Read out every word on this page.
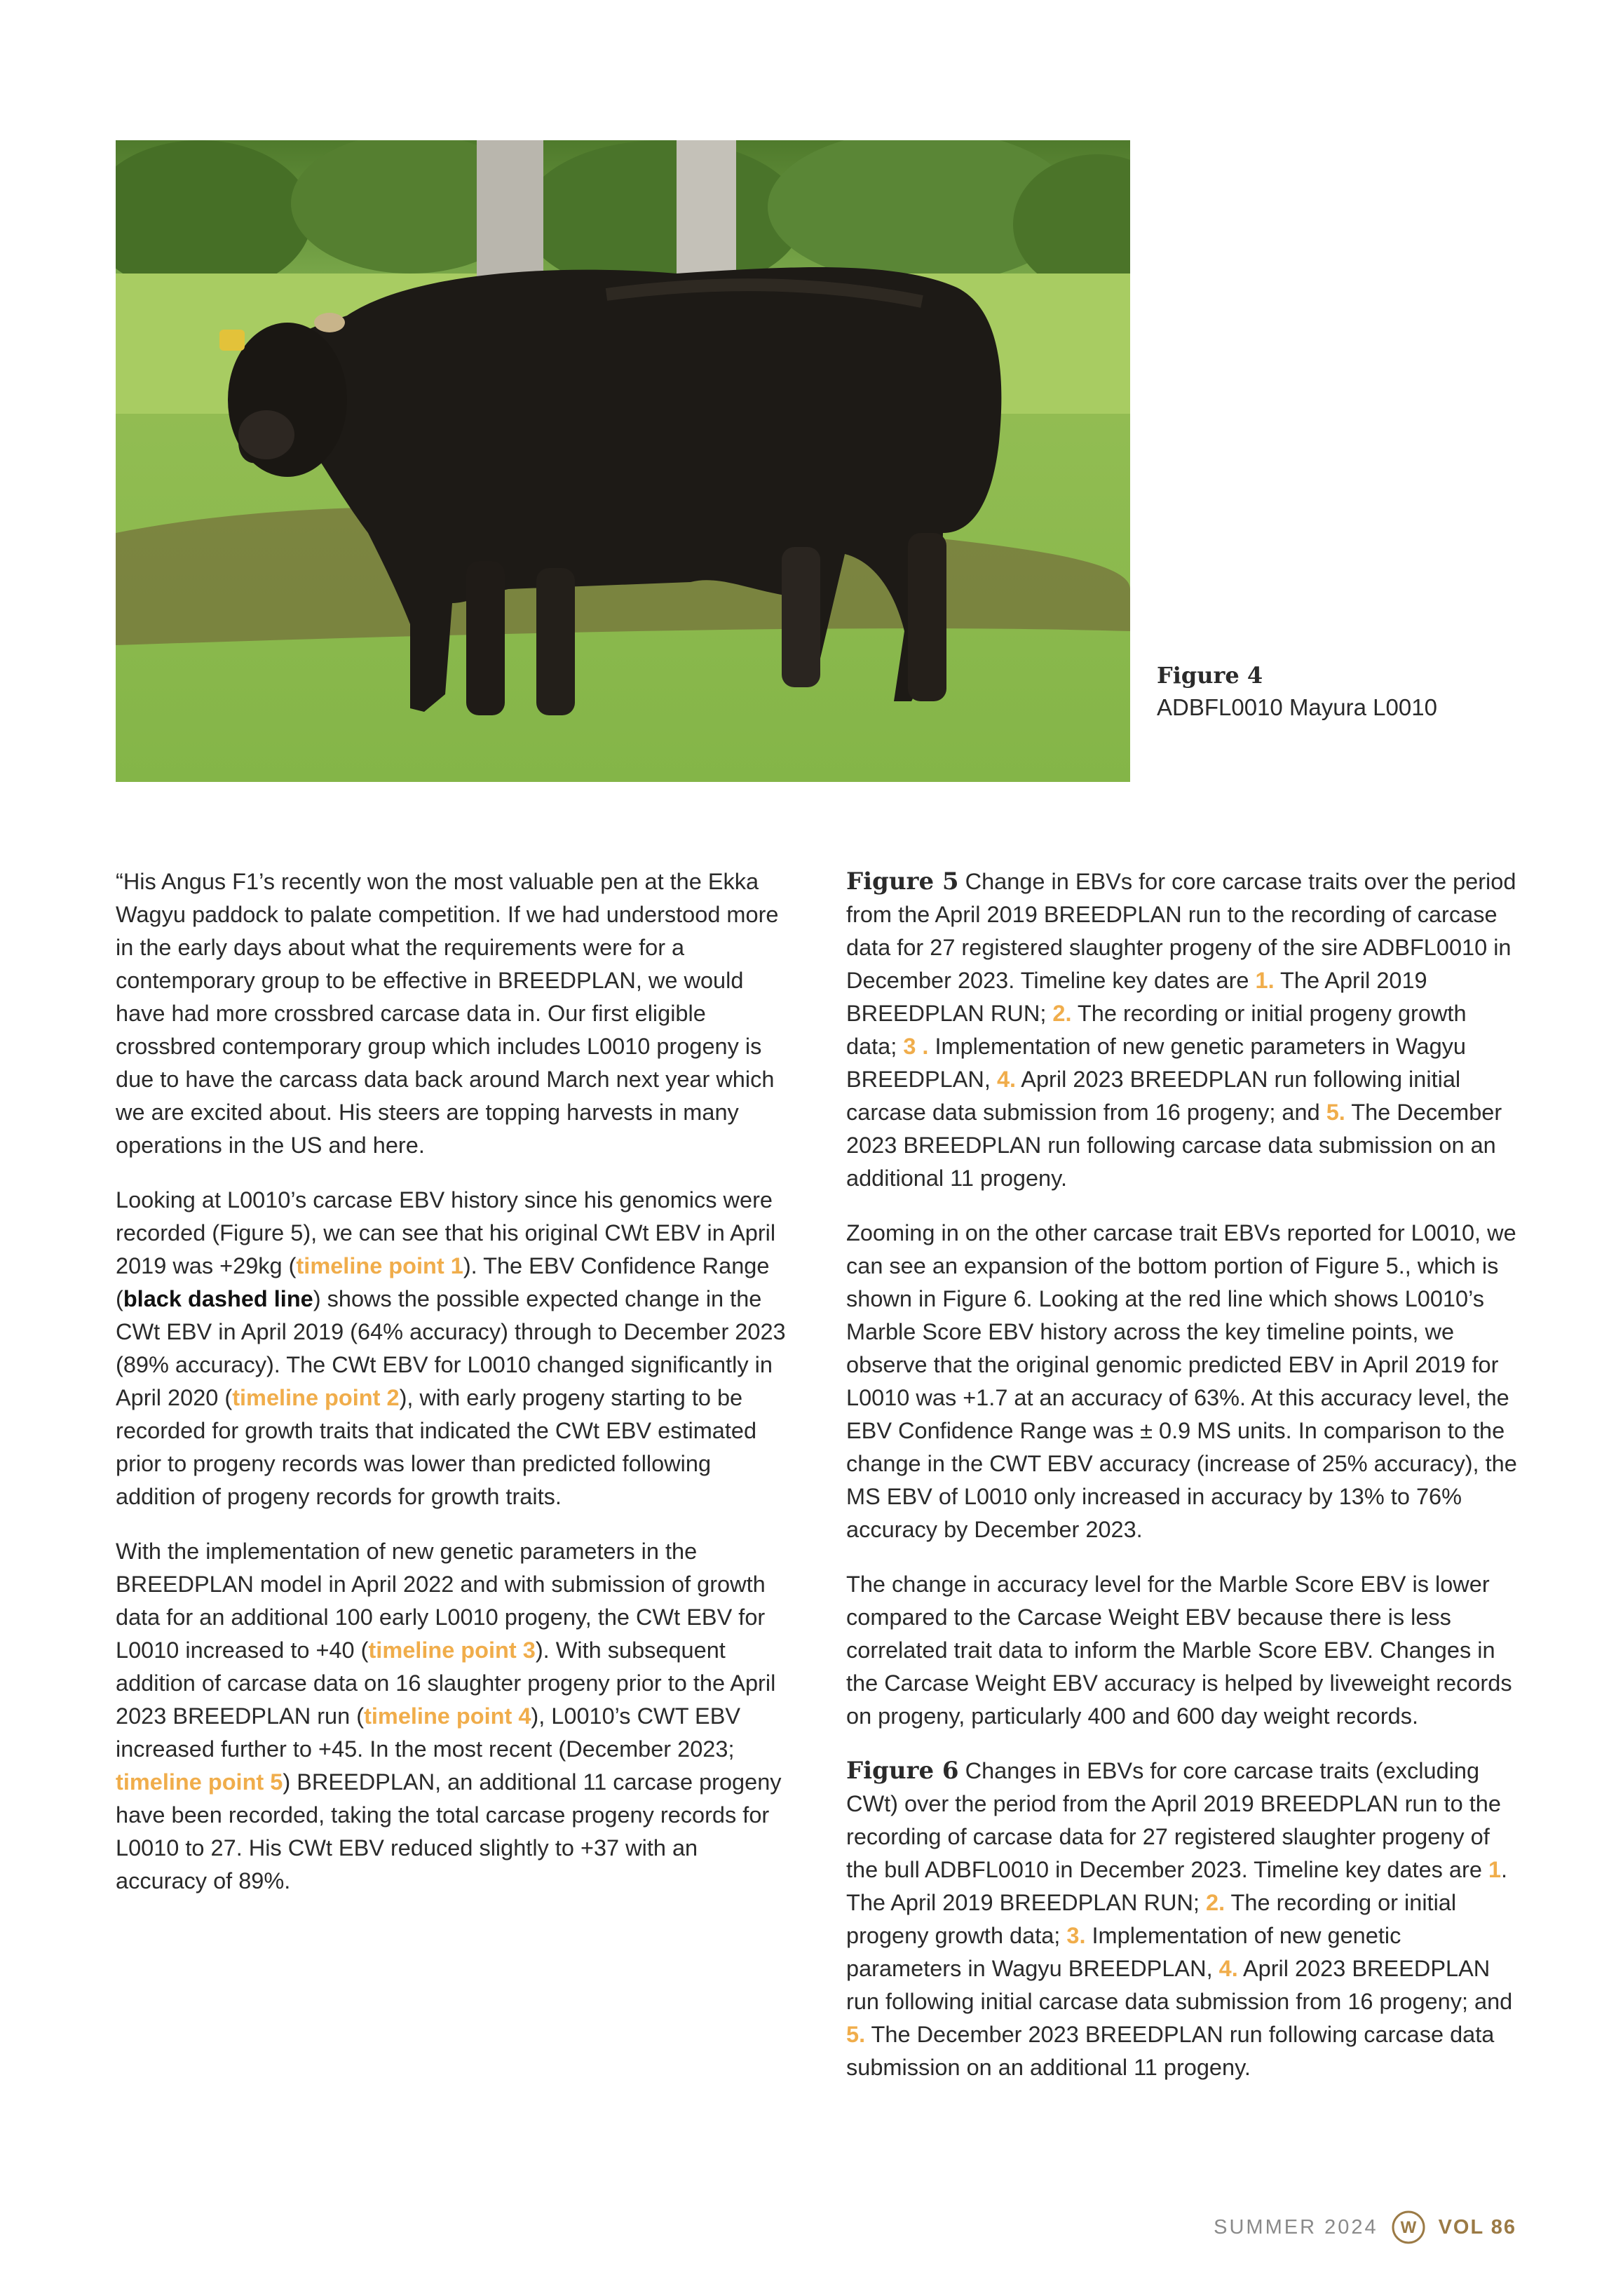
Figure 4
ADBFL0010 Mayura L0010

“His Angus F1’s recently won the most valuable pen at the Ekka Wagyu paddock to palate competition. If we had understood more in the early days about what the requirements were for a contemporary group to be effective in BREEDPLAN, we would have had more crossbred carcase data in. Our first eligible crossbred contemporary group which includes L0010 progeny is due to have the carcass data back around March next year which we are excited about. His steers are topping harvests in many operations in the US and here.

Looking at L0010’s carcase EBV history since his genomics were recorded (Figure 5), we can see that his original CWt EBV in April 2019 was +29kg (timeline point 1). The EBV Confidence Range (black dashed line) shows the possible expected change in the CWt EBV in April 2019 (64% accuracy) through to December 2023 (89% accuracy). The CWt EBV for L0010 changed significantly in April 2020 (timeline point 2), with early progeny starting to be recorded for growth traits that indicated the CWt EBV estimated prior to progeny records was lower than predicted following addition of progeny records for growth traits.

With the implementation of new genetic parameters in the BREEDPLAN model in April 2022 and with submission of growth data for an additional 100 early L0010 progeny, the CWt EBV for L0010 increased to +40 (timeline point 3). With subsequent addition of carcase data on 16 slaughter progeny prior to the April 2023 BREEDPLAN run (timeline point 4), L0010’s CWT EBV increased further to +45. In the most recent (December 2023; timeline point 5) BREEDPLAN, an additional 11 carcase progeny have been recorded, taking the total carcase progeny records for L0010 to 27. His CWt EBV reduced slightly to +37 with an accuracy of 89%.

Figure 5 Change in EBVs for core carcase traits over the period from the April 2019 BREEDPLAN run to the recording of carcase data for 27 registered slaughter progeny of the sire ADBFL0010 in December 2023. Timeline key dates are 1. The April 2019 BREEDPLAN RUN; 2. The recording or initial progeny growth data; 3 . Implementation of new genetic parameters in Wagyu BREEDPLAN, 4. April 2023 BREEDPLAN run following initial carcase data submission from 16 progeny; and 5. The December 2023 BREEDPLAN run following carcase data submission on an additional 11 progeny.

Zooming in on the other carcase trait EBVs reported for L0010, we can see an expansion of the bottom portion of Figure 5., which is shown in Figure 6. Looking at the red line which shows L0010’s Marble Score EBV history across the key timeline points, we observe that the original genomic predicted EBV in April 2019 for L0010 was +1.7 at an accuracy of 63%. At this accuracy level, the EBV Confidence Range was ± 0.9 MS units. In comparison to the change in the CWT EBV accuracy (increase of 25% accuracy), the MS EBV of L0010 only increased in accuracy by 13% to 76% accuracy by December 2023.

The change in accuracy level for the Marble Score EBV is lower compared to the Carcase Weight EBV because there is less correlated trait data to inform the Marble Score EBV. Changes in the Carcase Weight EBV accuracy is helped by liveweight records on progeny, particularly 400 and 600 day weight records.

Figure 6 Changes in EBVs for core carcase traits (excluding CWt) over the period from the April 2019 BREEDPLAN run to the recording of carcase data for 27 registered slaughter progeny of the bull ADBFL0010 in December 2023. Timeline key dates are 1. The April 2019 BREEDPLAN RUN; 2. The recording or initial progeny growth data; 3. Implementation of new genetic parameters in Wagyu BREEDPLAN, 4. April 2023 BREEDPLAN run following initial carcase data submission from 16 progeny; and 5. The December 2023 BREEDPLAN run following carcase data submission on an additional 11 progeny.

SUMMER 2024 W VOL 86
